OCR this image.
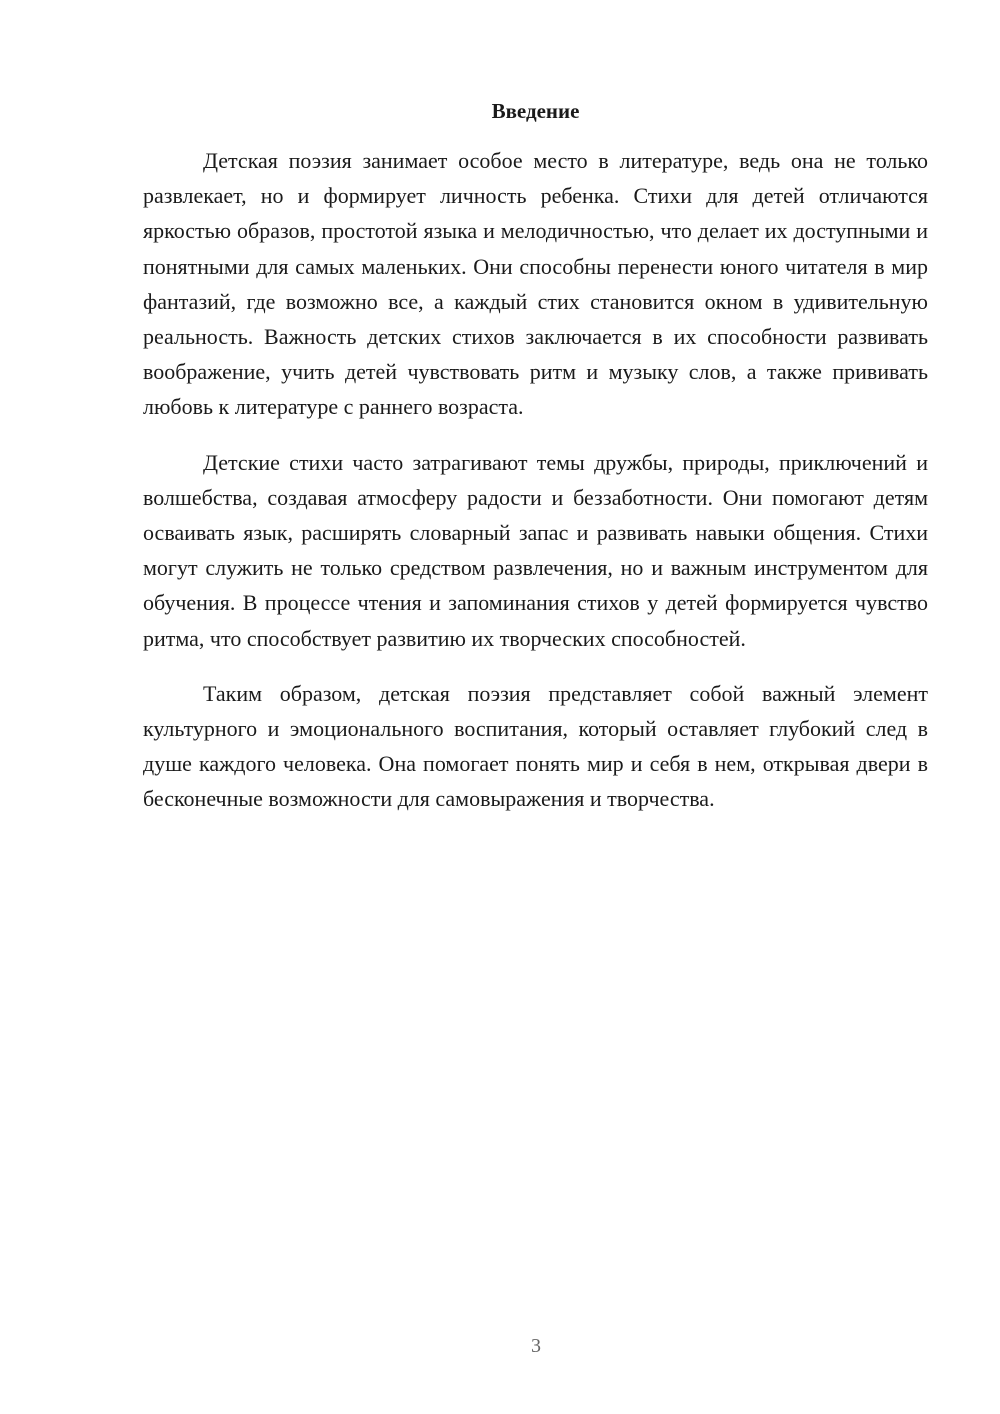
Введение

Детская поэзия занимает особое место в литературе, ведь она не только развлекает, но и формирует личность ребенка. Стихи для детей отличаются яркостью образов, простотой языка и мелодичностью, что делает их доступными и понятными для самых маленьких. Они способны перенести юного читателя в мир фантазий, где возможно все, а каждый стих становится окном в удивительную реальность. Важность детских стихов заключается в их способности развивать воображение, учить детей чувствовать ритм и музыку слов, а также прививать любовь к литературе с раннего возраста.

Детские стихи часто затрагивают темы дружбы, природы, приключений и волшебства, создавая атмосферу радости и беззаботности. Они помогают детям осваивать язык, расширять словарный запас и развивать навыки общения. Стихи могут служить не только средством развлечения, но и важным инструментом для обучения. В процессе чтения и запоминания стихов у детей формируется чувство ритма, что способствует развитию их творческих способностей.

Таким образом, детская поэзия представляет собой важный элемент культурного и эмоционального воспитания, который оставляет глубокий след в душе каждого человека. Она помогает понять мир и себя в нем, открывая двери в бесконечные возможности для самовыражения и творчества.

3
